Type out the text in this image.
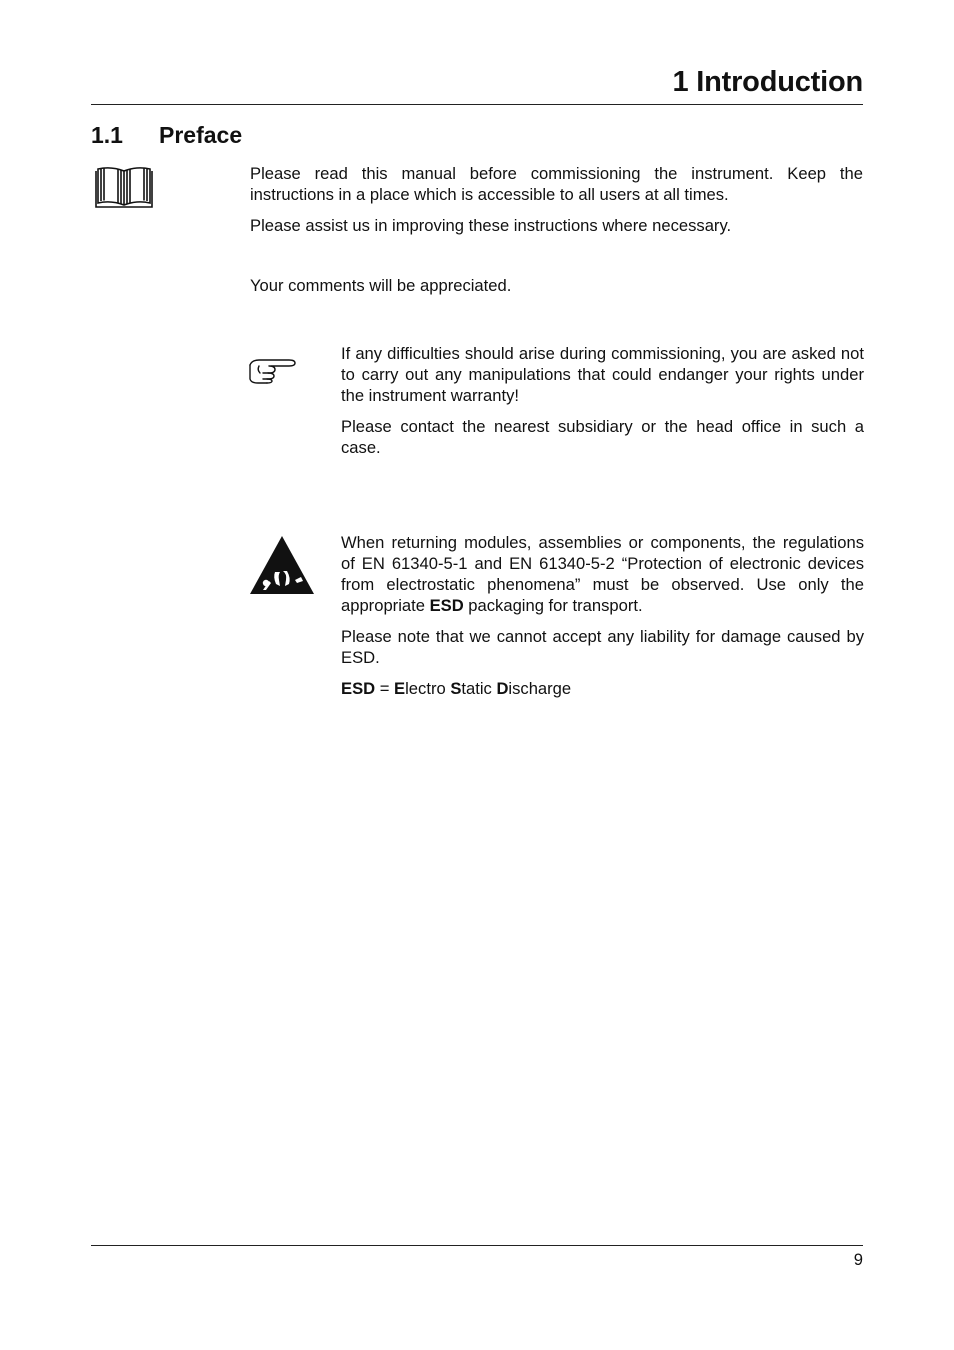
1 Introduction
1.1 Preface

Please read this manual before commissioning the instrument. Keep the instructions in a place which is accessible to all users at all times.

Please assist us in improving these instructions where necessary.

Your comments will be appreciated.

If any difficulties should arise during commissioning, you are asked not to carry out any manipulations that could endanger your rights under the instrument warranty!

Please contact the nearest subsidiary or the head office in such a case.

When returning modules, assemblies or components, the regulations of EN 61340-5-1 and EN 61340-5-2 “Protection of electronic devices from electrostatic phenomena” must be observed. Use only the appropriate ESD packaging for transport.

Please note that we cannot accept any liability for damage caused by ESD.

ESD = Electro Static Discharge

9
